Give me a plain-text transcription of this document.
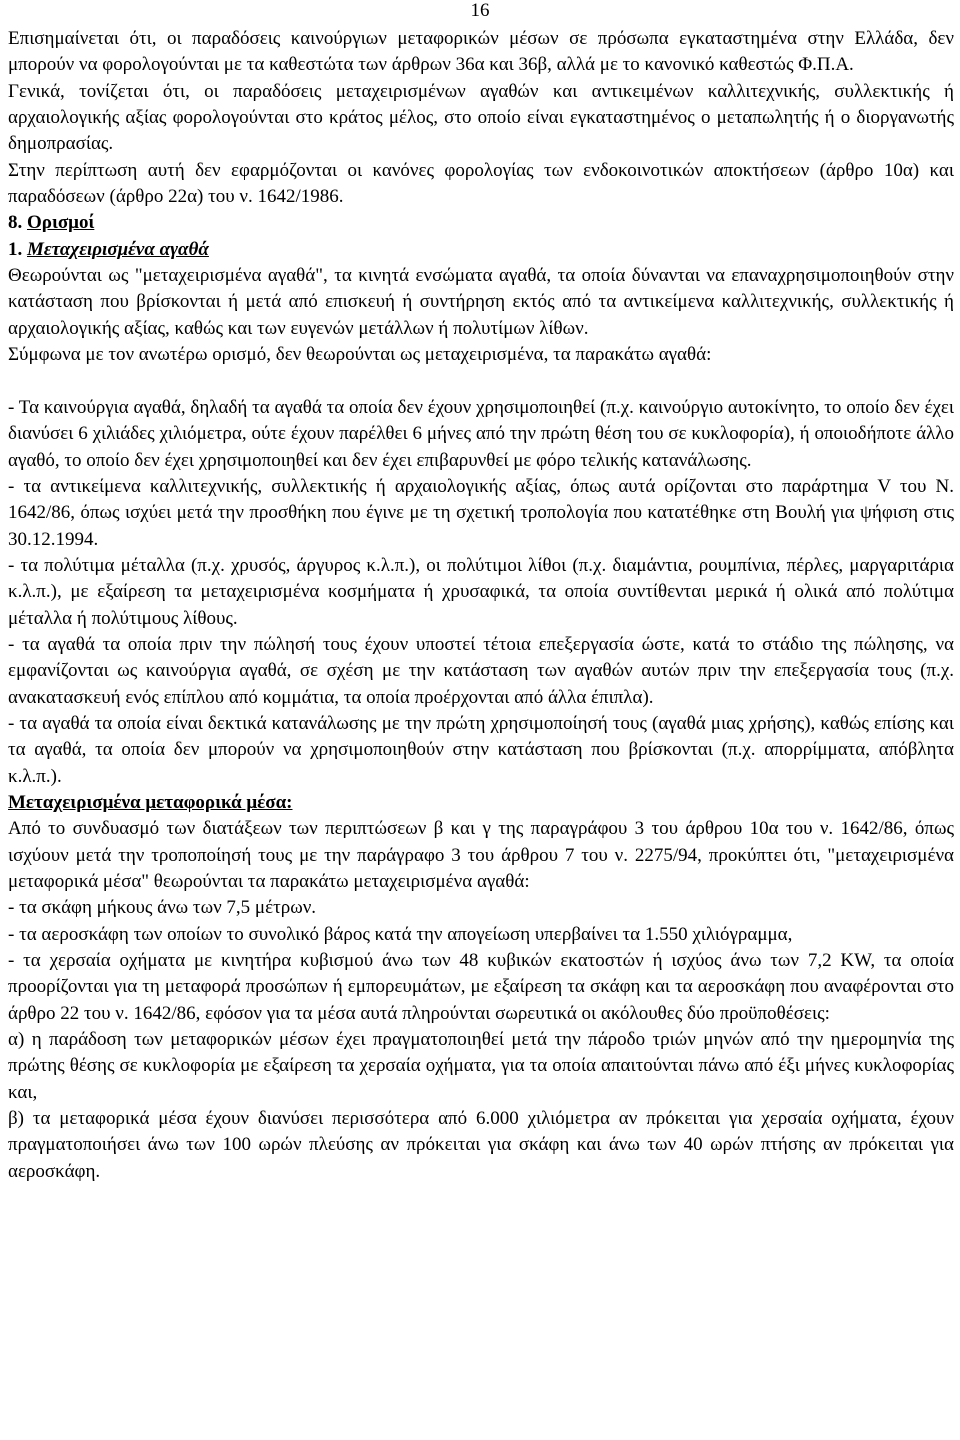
16

Επισημαίνεται ότι, οι παραδόσεις καινούργιων μεταφορικών μέσων σε πρόσωπα εγκαταστημένα στην Ελλάδα, δεν μπορούν να φορολογούνται με τα καθεστώτα των άρθρων 36α και 36β, αλλά με το κανονικό καθεστώς Φ.Π.Α.

Γενικά, τονίζεται ότι, οι παραδόσεις μεταχειρισμένων αγαθών και αντικειμένων καλλιτεχνικής, συλλεκτικής ή αρχαιολογικής αξίας φορολογούνται στο κράτος μέλος, στο οποίο είναι εγκαταστημένος ο μεταπωλητής ή ο διοργανωτής δημοπρασίας.

Στην περίπτωση αυτή δεν εφαρμόζονται οι κανόνες φορολογίας των ενδοκοινοτικών αποκτήσεων (άρθρο 10α) και παραδόσεων (άρθρο 22α) του ν. 1642/1986.

8. Ορισμοί

1. Μεταχειρισμένα αγαθά

Θεωρούνται ως "μεταχειρισμένα αγαθά", τα κινητά ενσώματα αγαθά, τα οποία δύνανται να επαναχρησιμοποιηθούν στην κατάσταση που βρίσκονται ή μετά από επισκευή ή συντήρηση εκτός από τα αντικείμενα καλλιτεχνικής, συλλεκτικής ή αρχαιολογικής αξίας, καθώς και των ευγενών μετάλλων ή πολυτίμων λίθων.

Σύμφωνα με τον ανωτέρω ορισμό, δεν θεωρούνται ως μεταχειρισμένα, τα παρακάτω αγαθά:

- Τα καινούργια αγαθά, δηλαδή τα αγαθά τα οποία δεν έχουν χρησιμοποιηθεί (π.χ. καινούργιο αυτοκίνητο, το οποίο δεν έχει διανύσει 6 χιλιάδες χιλιόμετρα, ούτε έχουν παρέλθει 6 μήνες από την πρώτη θέση του σε κυκλοφορία), ή οποιοδήποτε άλλο αγαθό, το οποίο δεν έχει χρησιμοποιηθεί και δεν έχει επιβαρυνθεί με φόρο τελικής κατανάλωσης.

- τα αντικείμενα καλλιτεχνικής, συλλεκτικής ή αρχαιολογικής αξίας, όπως αυτά ορίζονται στο παράρτημα V του Ν. 1642/86, όπως ισχύει μετά την προσθήκη που έγινε με τη σχετική τροπολογία που κατατέθηκε στη Βουλή για ψήφιση στις 30.12.1994.

- τα πολύτιμα μέταλλα (π.χ. χρυσός, άργυρος κ.λ.π.), οι πολύτιμοι λίθοι (π.χ. διαμάντια, ρουμπίνια, πέρλες, μαργαριτάρια κ.λ.π.), με εξαίρεση τα μεταχειρισμένα κοσμήματα ή χρυσαφικά, τα οποία συντίθενται μερικά ή ολικά από πολύτιμα μέταλλα ή πολύτιμους λίθους.

- τα αγαθά τα οποία πριν την πώλησή τους έχουν υποστεί τέτοια επεξεργασία ώστε, κατά το στάδιο της πώλησης, να εμφανίζονται ως καινούργια αγαθά, σε σχέση με την κατάσταση των αγαθών αυτών πριν την επεξεργασία τους (π.χ. ανακατασκευή ενός επίπλου από κομμάτια, τα οποία προέρχονται από άλλα έπιπλα).

- τα αγαθά τα οποία είναι δεκτικά κατανάλωσης με την πρώτη χρησιμοποίησή τους (αγαθά μιας χρήσης), καθώς επίσης και τα αγαθά, τα οποία δεν μπορούν να χρησιμοποιηθούν στην κατάσταση που βρίσκονται (π.χ. απορρίμματα, απόβλητα κ.λ.π.).

Μεταχειρισμένα μεταφορικά μέσα:

Από το συνδυασμό των διατάξεων των περιπτώσεων β και γ της παραγράφου 3 του άρθρου 10α του ν. 1642/86, όπως ισχύουν μετά την τροποποίησή τους με την παράγραφο 3 του άρθρου 7 του ν. 2275/94, προκύπτει ότι, "μεταχειρισμένα μεταφορικά μέσα" θεωρούνται τα παρακάτω μεταχειρισμένα αγαθά:

- τα σκάφη μήκους άνω των 7,5 μέτρων.

- τα αεροσκάφη των οποίων το συνολικό βάρος κατά την απογείωση υπερβαίνει τα 1.550 χιλιόγραμμα,

- τα χερσαία οχήματα με κινητήρα κυβισμού άνω των 48 κυβικών εκατοστών ή ισχύος άνω των 7,2 KW, τα οποία προορίζονται για τη μεταφορά προσώπων ή εμπορευμάτων, με εξαίρεση τα σκάφη και τα αεροσκάφη που αναφέρονται στο άρθρο 22 του ν. 1642/86, εφόσον για τα μέσα αυτά πληρούνται σωρευτικά οι ακόλουθες δύο προϋποθέσεις:

α) η παράδοση των μεταφορικών μέσων έχει πραγματοποιηθεί μετά την πάροδο τριών μηνών από την ημερομηνία της πρώτης θέσης σε κυκλοφορία με εξαίρεση τα χερσαία οχήματα, για τα οποία απαιτούνται πάνω από έξι μήνες κυκλοφορίας και,

β) τα μεταφορικά μέσα έχουν διανύσει περισσότερα από 6.000 χιλιόμετρα αν πρόκειται για χερσαία οχήματα, έχουν πραγματοποιήσει άνω των 100 ωρών πλεύσης αν πρόκειται για σκάφη και άνω των 40 ωρών πτήσης αν πρόκειται για αεροσκάφη.
